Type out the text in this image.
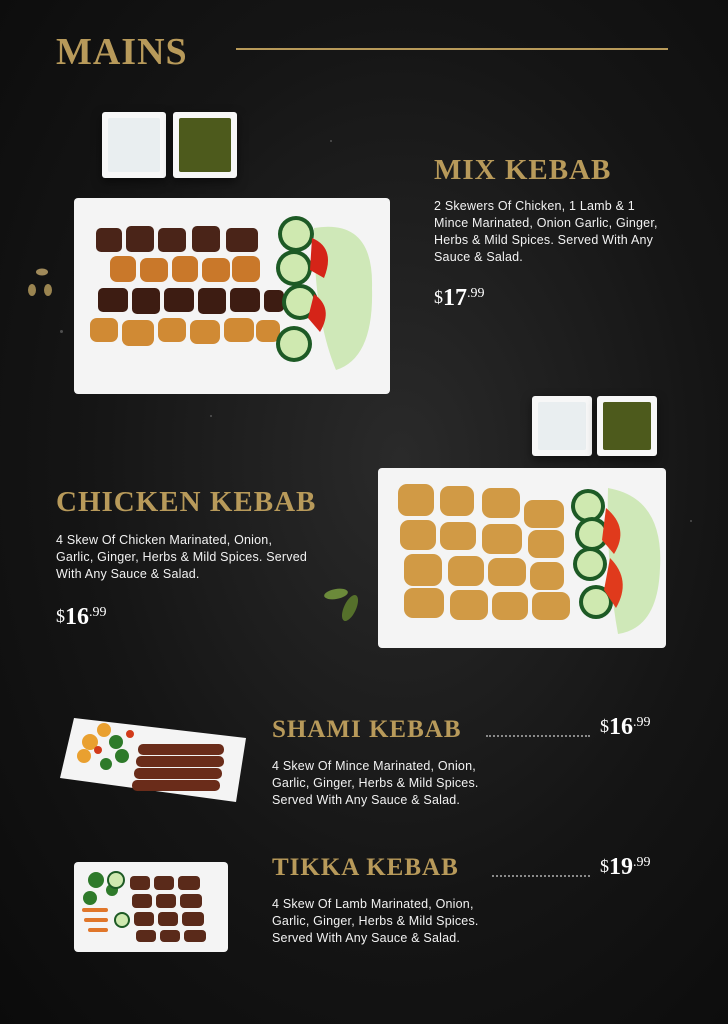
MAINS
MIX KEBAB
2 Skewers Of Chicken, 1 Lamb & 1 Mince Marinated, Onion Garlic, Ginger, Herbs & Mild Spices. Served With Any Sauce & Salad.
$17.99
CHICKEN KEBAB
4 Skew Of Chicken Marinated, Onion, Garlic, Ginger, Herbs & Mild Spices. Served With Any Sauce & Salad.
$16.99
SHAMI KEBAB	$16.99
4 Skew Of Mince Marinated, Onion, Garlic, Ginger, Herbs & Mild Spices. Served With Any Sauce & Salad.
TIKKA KEBAB	$19.99
4 Skew Of Lamb Marinated, Onion, Garlic, Ginger, Herbs & Mild Spices. Served With Any Sauce & Salad.
